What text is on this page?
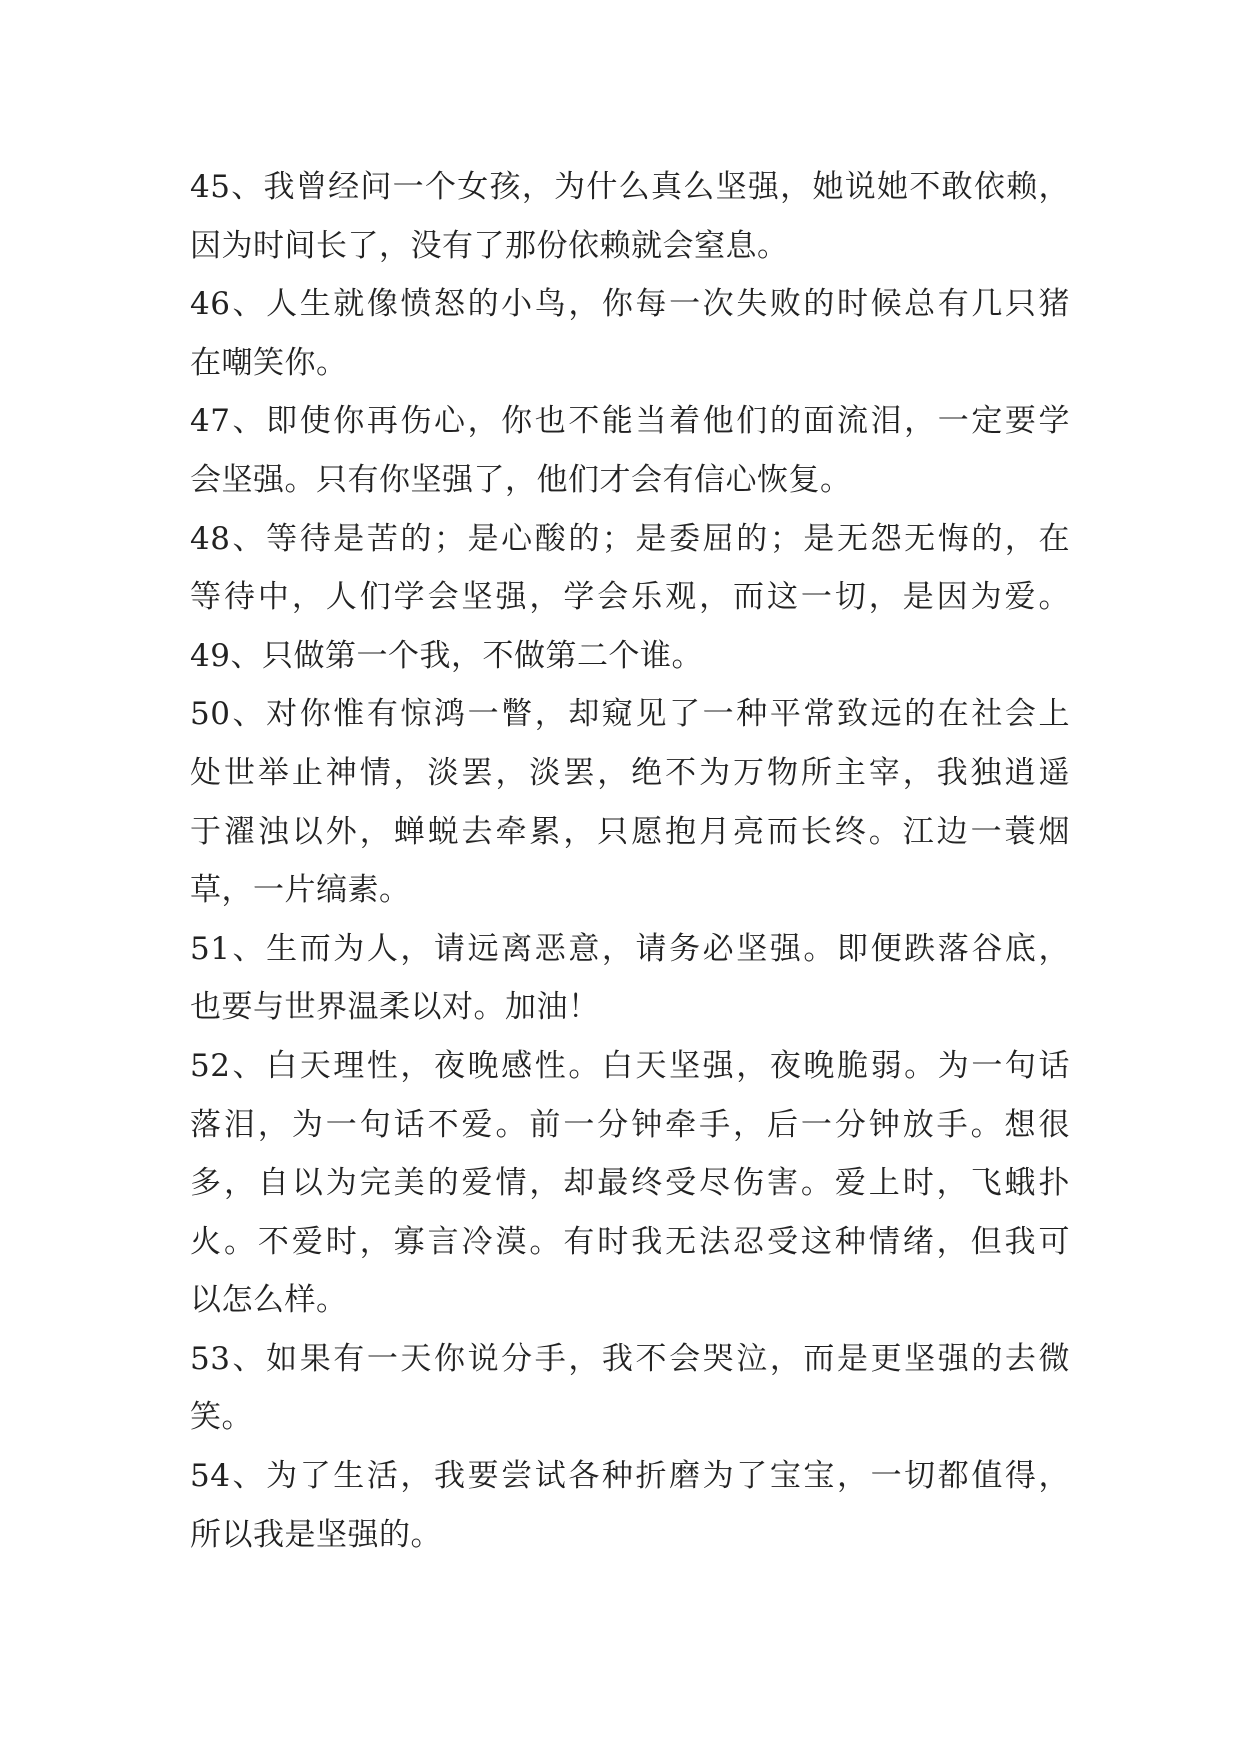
45、我曾经问一个女孩，为什么真么坚强，她说她不敢依赖，
因为时间长了，没有了那份依赖就会窒息。
46、人生就像愤怒的小鸟，你每一次失败的时候总有几只猪
在嘲笑你。
47、即使你再伤心，你也不能当着他们的面流泪，一定要学
会坚强。只有你坚强了，他们才会有信心恢复。
48、等待是苦的；是心酸的；是委屈的；是无怨无悔的，在
等待中，人们学会坚强，学会乐观，而这一切，是因为爱。
49、只做第一个我，不做第二个谁。
50、对你惟有惊鸿一瞥，却窥见了一种平常致远的在社会上
处世举止神情，淡罢，淡罢，绝不为万物所主宰，我独逍遥
于濯浊以外，蝉蜕去牵累，只愿抱月亮而长终。江边一蓑烟
草，一片缟素。
51、生而为人，请远离恶意，请务必坚强。即便跌落谷底，
也要与世界温柔以对。加油！
52、白天理性，夜晚感性。白天坚强，夜晚脆弱。为一句话
落泪，为一句话不爱。前一分钟牵手，后一分钟放手。想很
多，自以为完美的爱情，却最终受尽伤害。爱上时，飞蛾扑
火。不爱时，寡言冷漠。有时我无法忍受这种情绪，但我可
以怎么样。
53、如果有一天你说分手，我不会哭泣，而是更坚强的去微
笑。
54、为了生活，我要尝试各种折磨为了宝宝，一切都值得，
所以我是坚强的。
